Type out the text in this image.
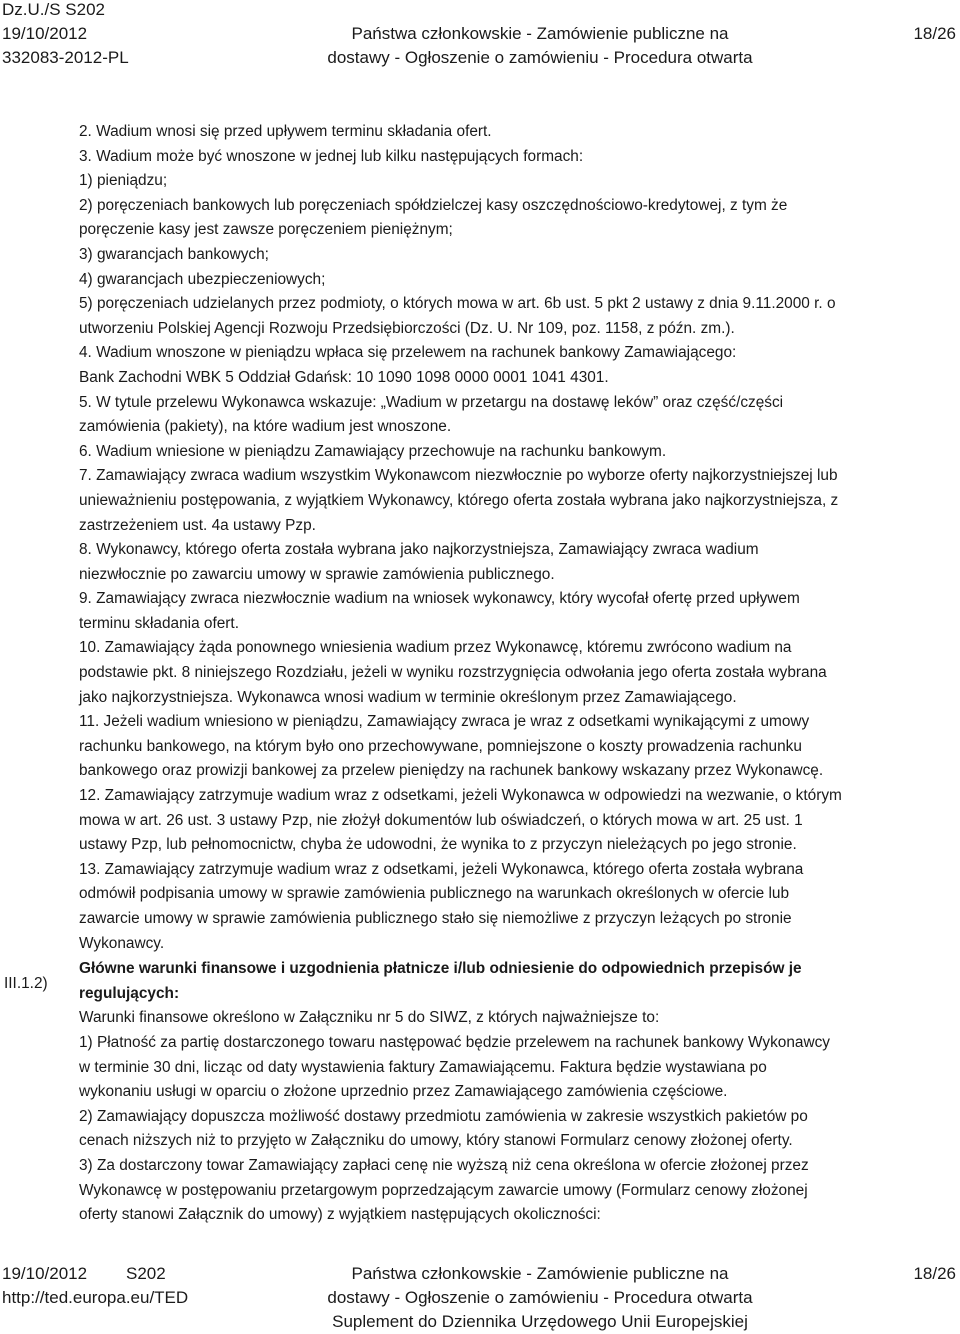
Dz.U./S S202
19/10/2012
332083-2012-PL
Państwa członkowskie - Zamówienie publiczne na
dostawy - Ogłoszenie o zamówieniu - Procedura otwarta
18/26

2. Wadium wnosi się przed upływem terminu składania ofert.

3. Wadium może być wnoszone w jednej lub kilku następujących formach:

1) pieniądzu;

2) poręczeniach bankowych lub poręczeniach spółdzielczej kasy oszczędnościowo-kredytowej, z tym że

poręczenie kasy jest zawsze poręczeniem pieniężnym;

3) gwarancjach bankowych;

4) gwarancjach ubezpieczeniowych;

5) poręczeniach udzielanych przez podmioty, o których mowa w art. 6b ust. 5 pkt 2 ustawy z dnia 9.11.2000 r. o

utworzeniu Polskiej Agencji Rozwoju Przedsiębiorczości (Dz. U. Nr 109, poz. 1158, z późn. zm.).

4. Wadium wnoszone w pieniądzu wpłaca się przelewem na rachunek bankowy Zamawiającego:

Bank Zachodni WBK 5 Oddział Gdańsk: 10 1090 1098 0000 0001 1041 4301.

5. W tytule przelewu Wykonawca wskazuje: „Wadium w przetargu na dostawę leków” oraz część/części

zamówienia (pakiety), na które wadium jest wnoszone.

6. Wadium wniesione w pieniądzu Zamawiający przechowuje na rachunku bankowym.

7. Zamawiający zwraca wadium wszystkim Wykonawcom niezwłocznie po wyborze oferty najkorzystniejszej lub

unieważnieniu postępowania, z wyjątkiem Wykonawcy, którego oferta została wybrana jako najkorzystniejsza, z

zastrzeżeniem ust. 4a ustawy Pzp.

8. Wykonawcy, którego oferta została wybrana jako najkorzystniejsza, Zamawiający zwraca wadium

niezwłocznie po zawarciu umowy w sprawie zamówienia publicznego.

9. Zamawiający zwraca niezwłocznie wadium na wniosek wykonawcy, który wycofał ofertę przed upływem

terminu składania ofert.

10. Zamawiający żąda ponownego wniesienia wadium przez Wykonawcę, któremu zwrócono wadium na

podstawie pkt. 8 niniejszego Rozdziału, jeżeli w wyniku rozstrzygnięcia odwołania jego oferta została wybrana

jako najkorzystniejsza. Wykonawca wnosi wadium w terminie określonym przez Zamawiającego.

11. Jeżeli wadium wniesiono w pieniądzu, Zamawiający zwraca je wraz z odsetkami wynikającymi z umowy

rachunku bankowego, na którym było ono przechowywane, pomniejszone o koszty prowadzenia rachunku

bankowego oraz prowizji bankowej za przelew pieniędzy na rachunek bankowy wskazany przez Wykonawcę.

12. Zamawiający zatrzymuje wadium wraz z odsetkami, jeżeli Wykonawca w odpowiedzi na wezwanie, o którym

mowa w art. 26 ust. 3 ustawy Pzp, nie złożył dokumentów lub oświadczeń, o których mowa w art. 25 ust. 1

ustawy Pzp, lub pełnomocnictw, chyba że udowodni, że wynika to z przyczyn nieleżących po jego stronie.

13. Zamawiający zatrzymuje wadium wraz z odsetkami, jeżeli Wykonawca, którego oferta została wybrana

odmówił podpisania umowy w sprawie zamówienia publicznego na warunkach określonych w ofercie lub

zawarcie umowy w sprawie zamówienia publicznego stało się niemożliwe z przyczyn leżących po stronie

Wykonawcy.

Główne warunki finansowe i uzgodnienia płatnicze i/lub odniesienie do odpowiednich przepisów je

regulujących:

Warunki finansowe określono w Załączniku nr 5 do SIWZ, z których najważniejsze to:

1) Płatność za partię dostarczonego towaru następować będzie przelewem na rachunek bankowy Wykonawcy

w terminie 30 dni, licząc od daty wystawienia faktury Zamawiającemu. Faktura będzie wystawiana po

wykonaniu usługi w oparciu o złożone uprzednio przez Zamawiającego zamówienia częściowe.

2) Zamawiający dopuszcza możliwość dostawy przedmiotu zamówienia w zakresie wszystkich pakietów po

cenach niższych niż to przyjęto w Załączniku do umowy, który stanowi Formularz cenowy złożonej oferty.

3) Za dostarczony towar Zamawiający zapłaci cenę nie wyższą niż cena określona w ofercie złożonej przez

Wykonawcę w postępowaniu przetargowym poprzedzającym zawarcie umowy (Formularz cenowy złożonej

oferty stanowi Załącznik do umowy) z wyjątkiem następujących okoliczności:

III.1.2)
19/10/2012 S202
http://ted.europa.eu/TED
Państwa członkowskie - Zamówienie publiczne na
dostawy - Ogłoszenie o zamówieniu - Procedura otwarta
Suplement do Dziennika Urzędowego Unii Europejskiej
18/26
